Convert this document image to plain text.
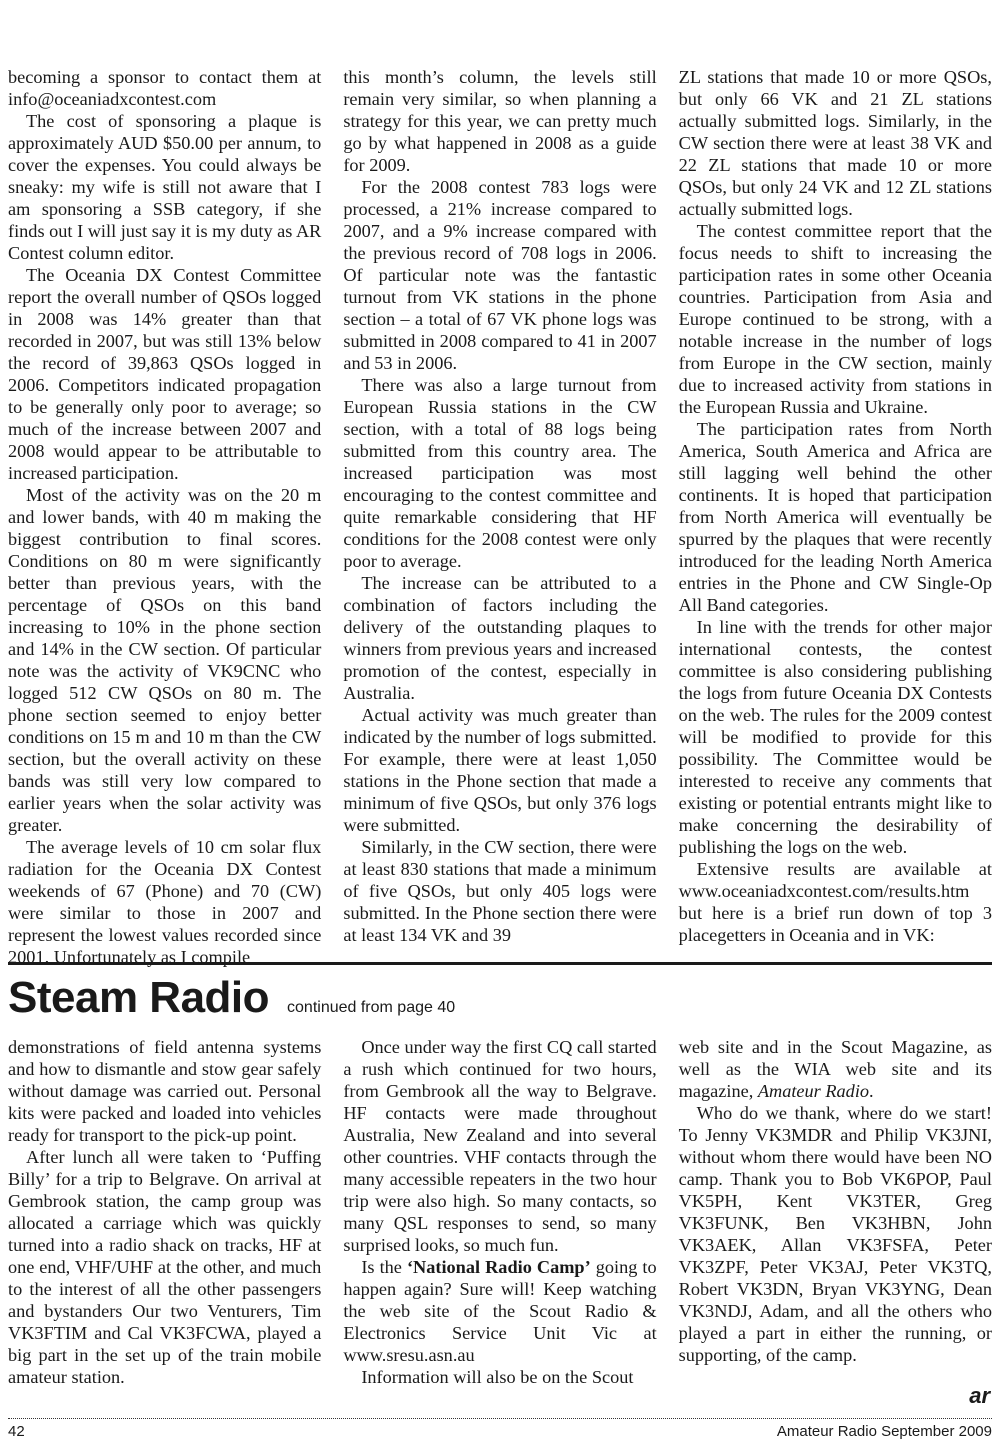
becoming a sponsor to contact them at info@oceaniadxcontest.com

The cost of sponsoring a plaque is approximately AUD $50.00 per annum, to cover the expenses. You could always be sneaky: my wife is still not aware that I am sponsoring a SSB category, if she finds out I will just say it is my duty as AR Contest column editor.

The Oceania DX Contest Committee report the overall number of QSOs logged in 2008 was 14% greater than that recorded in 2007, but was still 13% below the record of 39,863 QSOs logged in 2006. Competitors indicated propagation to be generally only poor to average; so much of the increase between 2007 and 2008 would appear to be attributable to increased participation.

Most of the activity was on the 20 m and lower bands, with 40 m making the biggest contribution to final scores. Conditions on 80 m were significantly better than previous years, with the percentage of QSOs on this band increasing to 10% in the phone section and 14% in the CW section. Of particular note was the activity of VK9CNC who logged 512 CW QSOs on 80 m. The phone section seemed to enjoy better conditions on 15 m and 10 m than the CW section, but the overall activity on these bands was still very low compared to earlier years when the solar activity was greater.

The average levels of 10 cm solar flux radiation for the Oceania DX Contest weekends of 67 (Phone) and 70 (CW) were similar to those in 2007 and represent the lowest values recorded since 2001. Unfortunately as I compile

this month’s column, the levels still remain very similar, so when planning a strategy for this year, we can pretty much go by what happened in 2008 as a guide for 2009.

For the 2008 contest 783 logs were processed, a 21% increase compared to 2007, and a 9% increase compared with the previous record of 708 logs in 2006. Of particular note was the fantastic turnout from VK stations in the phone section – a total of 67 VK phone logs was submitted in 2008 compared to 41 in 2007 and 53 in 2006.

There was also a large turnout from European Russia stations in the CW section, with a total of 88 logs being submitted from this country area. The increased participation was most encouraging to the contest committee and quite remarkable considering that HF conditions for the 2008 contest were only poor to average.

The increase can be attributed to a combination of factors including the delivery of the outstanding plaques to winners from previous years and increased promotion of the contest, especially in Australia.

Actual activity was much greater than indicated by the number of logs submitted. For example, there were at least 1,050 stations in the Phone section that made a minimum of five QSOs, but only 376 logs were submitted.

Similarly, in the CW section, there were at least 830 stations that made a minimum of five QSOs, but only 405 logs were submitted. In the Phone section there were at least 134 VK and 39

ZL stations that made 10 or more QSOs, but only 66 VK and 21 ZL stations actually submitted logs. Similarly, in the CW section there were at least 38 VK and 22 ZL stations that made 10 or more QSOs, but only 24 VK and 12 ZL stations actually submitted logs.

The contest committee report that the focus needs to shift to increasing the participation rates in some other Oceania countries. Participation from Asia and Europe continued to be strong, with a notable increase in the number of logs from Europe in the CW section, mainly due to increased activity from stations in the European Russia and Ukraine.

The participation rates from North America, South America and Africa are still lagging well behind the other continents. It is hoped that participation from North America will eventually be spurred by the plaques that were recently introduced for the leading North America entries in the Phone and CW Single-Op All Band categories.

In line with the trends for other major international contests, the contest committee is also considering publishing the logs from future Oceania DX Contests on the web. The rules for the 2009 contest will be modified to provide for this possibility. The Committee would be interested to receive any comments that existing or potential entrants might like to make concerning the desirability of publishing the logs on the web.

Extensive results are available at www.oceaniadxcontest.com/results.htm but here is a brief run down of top 3 placegetters in Oceania and in VK:

Steam Radio continued from page 40

demonstrations of field antenna systems and how to dismantle and stow gear safely without damage was carried out. Personal kits were packed and loaded into vehicles ready for transport to the pick-up point.

After lunch all were taken to ‘Puffing Billy’ for a trip to Belgrave. On arrival at Gembrook station, the camp group was allocated a carriage which was quickly turned into a radio shack on tracks, HF at one end, VHF/UHF at the other, and much to the interest of all the other passengers and bystanders Our two Venturers, Tim VK3FTIM and Cal VK3FCWA, played a big part in the set up of the train mobile amateur station.

Once under way the first CQ call started a rush which continued for two hours, from Gembrook all the way to Belgrave. HF contacts were made throughout Australia, New Zealand and into several other countries. VHF contacts through the many accessible repeaters in the two hour trip were also high. So many contacts, so many QSL responses to send, so many surprised looks, so much fun.

Is the ‘National Radio Camp’ going to happen again? Sure will! Keep watching the web site of the Scout Radio & Electronics Service Unit Vic at www.sresu.asn.au

Information will also be on the Scout

web site and in the Scout Magazine, as well as the WIA web site and its magazine, Amateur Radio.

Who do we thank, where do we start! To Jenny VK3MDR and Philip VK3JNI, without whom there would have been NO camp. Thank you to Bob VK6POP, Paul VK5PH, Kent VK3TER, Greg VK3FUNK, Ben VK3HBN, John VK3AEK, Allan VK3FSFA, Peter VK3ZPF, Peter VK3AJ, Peter VK3TQ, Robert VK3DN, Bryan VK3YNG, Dean VK3NDJ, Adam, and all the others who played a part in either the running, or supporting, of the camp.

ar
42	Amateur Radio September 2009
